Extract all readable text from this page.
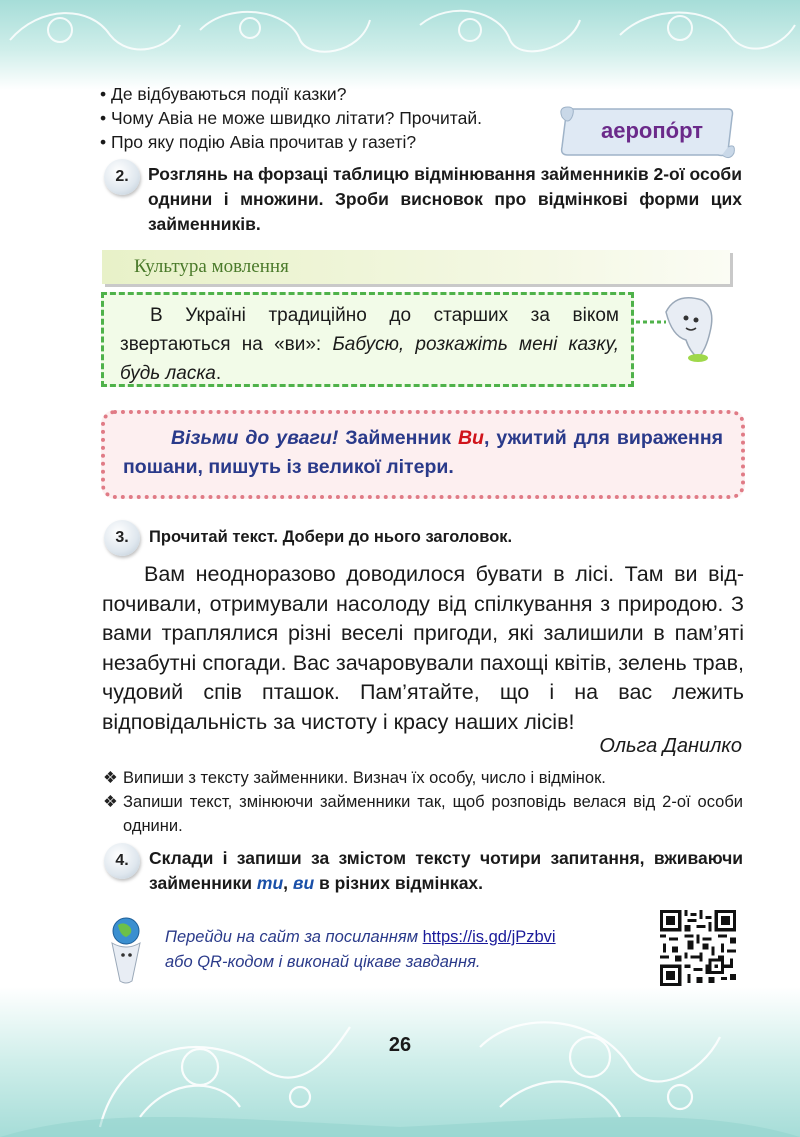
• Де відбуваються події казки?
• Чому Авіа не може швидко літати? Прочитай.
• Про яку подію Авіа прочитав у газеті?	аеропо́рт
2.	Розглянь на форзаці таблицю відмінювання займенників 2-ої особи однини і множини. Зроби висновок про відмінкові форми цих займенників.
Культура мовлення
В Україні традиційно до старших за віком звертаються на «ви»: Бабусю, розкажіть мені казку, будь ласка.
Візьми до уваги! Займенник Ви, ужитий для вираження пошани, пишуть із великої літери.
3.	Прочитай текст. Добери до нього заголовок.
Вам неодноразово доводилося бувати в лісі. Там ви відпочивали, отримували насолоду від спілкування з природою. З вами траплялися різні веселі пригоди, які залишили в пам’яті незабутні спогади. Вас зачаровували пахощі квітів, зелень трав, чудовий спів пташок. Пам’ятайте, що і на вас лежить відповідальність за чистоту і красу наших лісів!
Ольга Данилко
❖ Випиши з тексту займенники. Визнач їх особу, число і відмінок.
❖ Запиши текст, змінюючи займенники так, щоб розповідь велася від 2-ої особи однини.
4.	Склади і запиши за змістом тексту чотири запитання, вживаючи займенники ти, ви в різних відмінках.
Перейди на сайт за посиланням https://is.gd/jPzbvi
або QR-кодом і виконай цікаве завдання.
26
